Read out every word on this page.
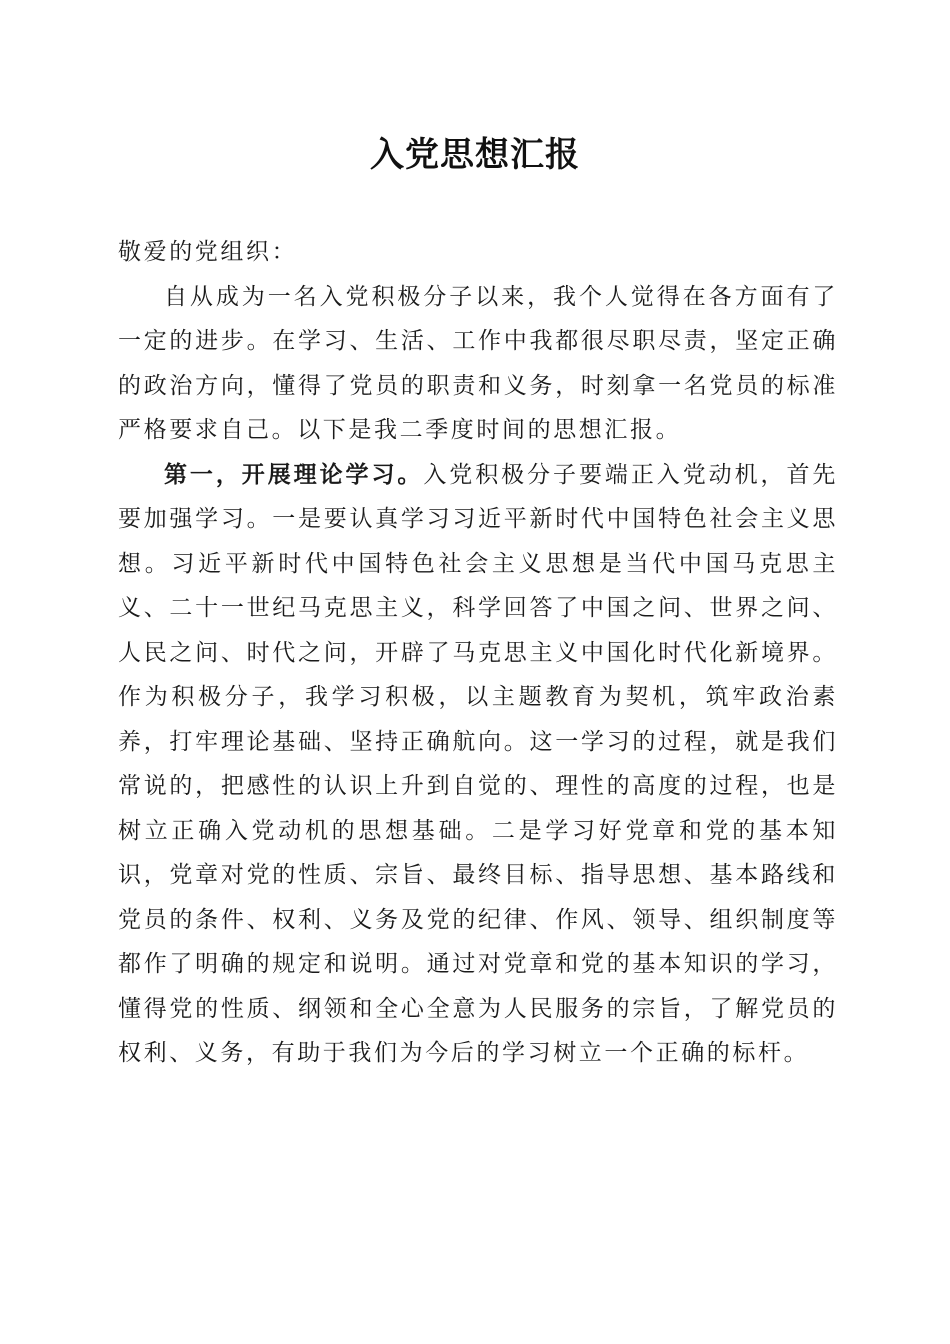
入党思想汇报

敬爱的党组织：

自从成为一名入党积极分子以来，我个人觉得在各方面有了一定的进步。在学习、生活、工作中我都很尽职尽责，坚定正确的政治方向，懂得了党员的职责和义务，时刻拿一名党员的标准严格要求自己。以下是我二季度时间的思想汇报。

第一，开展理论学习。入党积极分子要端正入党动机，首先要加强学习。一是要认真学习习近平新时代中国特色社会主义思想。习近平新时代中国特色社会主义思想是当代中国马克思主义、二十一世纪马克思主义，科学回答了中国之问、世界之问、人民之问、时代之问，开辟了马克思主义中国化时代化新境界。作为积极分子，我学习积极，以主题教育为契机，筑牢政治素养，打牢理论基础、坚持正确航向。这一学习的过程，就是我们常说的，把感性的认识上升到自觉的、理性的高度的过程，也是树立正确入党动机的思想基础。二是学习好党章和党的基本知识，党章对党的性质、宗旨、最终目标、指导思想、基本路线和党员的条件、权利、义务及党的纪律、作风、领导、组织制度等都作了明确的规定和说明。通过对党章和党的基本知识的学习，懂得党的性质、纲领和全心全意为人民服务的宗旨，了解党员的权利、义务，有助于我们为今后的学习树立一个正确的标杆。
